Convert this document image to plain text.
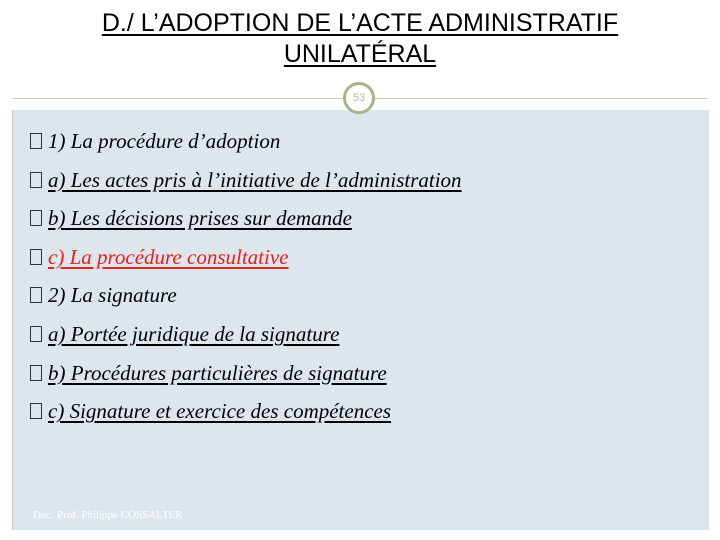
D./ L’ADOPTION DE L’ACTE ADMINISTRATIF
UNILATÉRAL
53
1) La procédure d’adoption
a) Les actes pris à l’initiative de l’administration
b) Les décisions prises sur demande
c) La procédure consultative
2) La signature
a) Portée juridique de la signature
b) Procédures particulières de signature
c) Signature et exercice des compétences
Doc. Prof. Philippe COSSALTER
